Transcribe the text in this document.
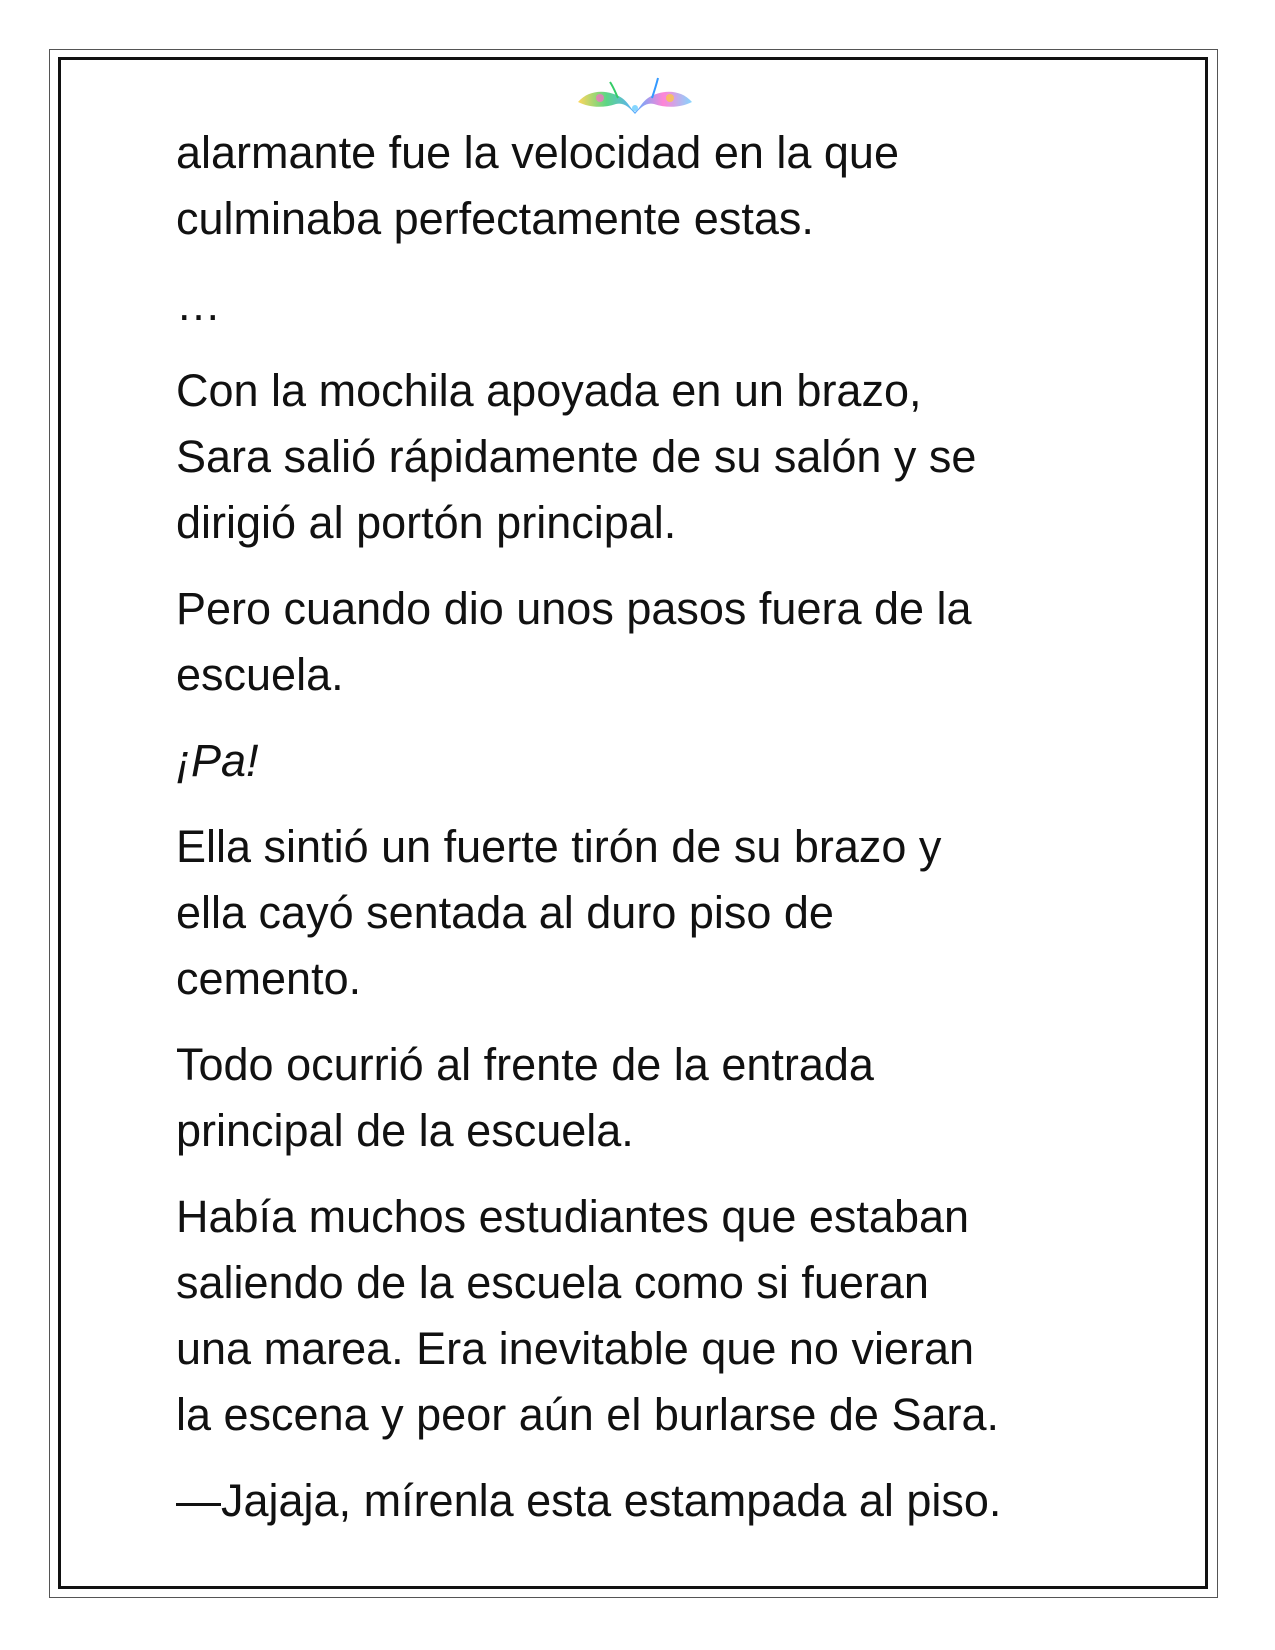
alarmante fue la velocidad en la que
culminaba perfectamente estas.

…

Con la mochila apoyada en un brazo,
Sara salió rápidamente de su salón y se
dirigió al portón principal.

Pero cuando dio unos pasos fuera de la
escuela.

¡Pa!

Ella sintió un fuerte tirón de su brazo y
ella cayó sentada al duro piso de
cemento.

Todo ocurrió al frente de la entrada
principal de la escuela.

Había muchos estudiantes que estaban
saliendo de la escuela como si fueran
una marea. Era inevitable que no vieran
la escena y peor aún el burlarse de Sara.

—Jajaja, mírenla esta estampada al piso.
